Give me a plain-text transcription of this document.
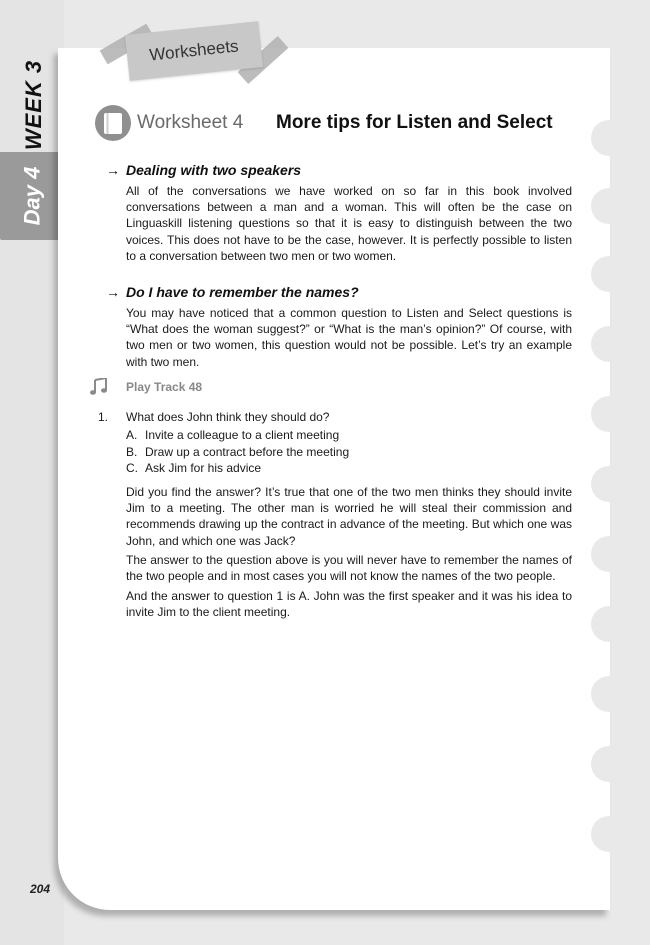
WEEK 3
Day 4
Worksheets
Worksheet 4 More tips for Listen and Select
→ Dealing with two speakers
All of the conversations we have worked on so far in this book involved conversations between a man and a woman. This will often be the case on Linguaskill listening questions so that it is easy to distinguish between the two voices. This does not have to be the case, however. It is perfectly possible to listen to a conversation between two men or two women.
→ Do I have to remember the names?
You may have noticed that a common question to Listen and Select questions is “What does the woman suggest?” or “What is the man’s opinion?” Of course, with two men or two women, this question would not be possible. Let’s try an example with two men.
Play Track 48
1. What does John think they should do?
A. Invite a colleague to a client meeting
B. Draw up a contract before the meeting
C. Ask Jim for his advice
Did you find the answer? It’s true that one of the two men thinks they should invite Jim to a meeting. The other man is worried he will steal their commission and recommends drawing up the contract in advance of the meeting. But which one was John, and which one was Jack?
The answer to the question above is you will never have to remember the names of the two people and in most cases you will not know the names of the two people.
And the answer to question 1 is A. John was the first speaker and it was his idea to invite Jim to the client meeting.
204
